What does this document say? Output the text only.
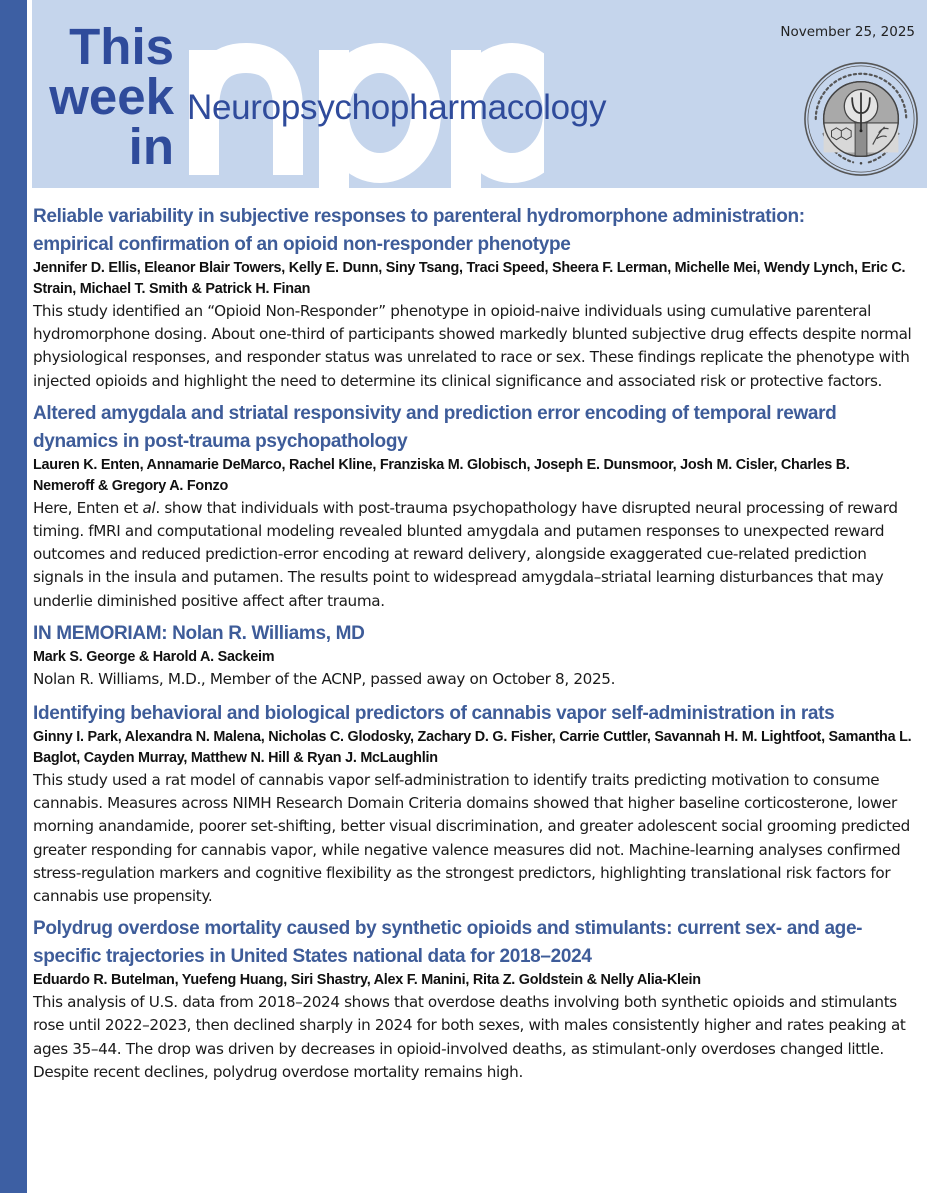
This
week
in
Neuropsychopharmacology
November 25, 2025
Reliable variability in subjective responses to parenteral hydromorphone administration: empirical confirmation of an opioid non-responder phenotype

Jennifer D. Ellis, Eleanor Blair Towers, Kelly E. Dunn, Siny Tsang, Traci Speed, Sheera F. Lerman, Michelle Mei, Wendy Lynch, Eric C. Strain, Michael T. Smith & Patrick H. Finan

This study identified an “Opioid Non-Responder” phenotype in opioid-naive individuals using cumulative parenteral hydromorphone dosing. About one-third of participants showed markedly blunted subjective drug effects despite normal physiological responses, and responder status was unrelated to race or sex. These findings replicate the phenotype with injected opioids and highlight the need to determine its clinical significance and associated risk or protective factors.

Altered amygdala and striatal responsivity and prediction error encoding of temporal reward dynamics in post-trauma psychopathology

Lauren K. Enten, Annamarie DeMarco, Rachel Kline, Franziska M. Globisch, Joseph E. Dunsmoor, Josh M. Cisler, Charles B. Nemeroff & Gregory A. Fonzo

Here, Enten et al. show that individuals with post-trauma psychopathology have disrupted neural processing of reward timing. fMRI and computational modeling revealed blunted amygdala and putamen responses to unexpected reward outcomes and reduced prediction-error encoding at reward delivery, alongside exaggerated cue-related prediction signals in the insula and putamen. The results point to widespread amygdala–striatal learning disturbances that may underlie diminished positive affect after trauma.

IN MEMORIAM: Nolan R. Williams, MD

Mark S. George & Harold A. Sackeim

Nolan R. Williams, M.D., Member of the ACNP, passed away on October 8, 2025.

Identifying behavioral and biological predictors of cannabis vapor self-administration in rats

Ginny I. Park, Alexandra N. Malena, Nicholas C. Glodosky, Zachary D. G. Fisher, Carrie Cuttler, Savannah H. M. Lightfoot, Samantha L. Baglot, Cayden Murray, Matthew N. Hill & Ryan J. McLaughlin

This study used a rat model of cannabis vapor self-administration to identify traits predicting motivation to consume cannabis. Measures across NIMH Research Domain Criteria domains showed that higher baseline corticosterone, lower morning anandamide, poorer set-shifting, better visual discrimination, and greater adolescent social grooming predicted greater responding for cannabis vapor, while negative valence measures did not. Machine-learning analyses confirmed stress-regulation markers and cognitive flexibility as the strongest predictors, highlighting translational risk factors for cannabis use propensity.

Polydrug overdose mortality caused by synthetic opioids and stimulants: current sex- and age-specific trajectories in United States national data for 2018–2024

Eduardo R. Butelman, Yuefeng Huang, Siri Shastry, Alex F. Manini, Rita Z. Goldstein & Nelly Alia-Klein

This analysis of U.S. data from 2018–2024 shows that overdose deaths involving both synthetic opioids and stimulants rose until 2022–2023, then declined sharply in 2024 for both sexes, with males consistently higher and rates peaking at ages 35–44. The drop was driven by decreases in opioid-involved deaths, as stimulant-only overdoses changed little. Despite recent declines, polydrug overdose mortality remains high.
